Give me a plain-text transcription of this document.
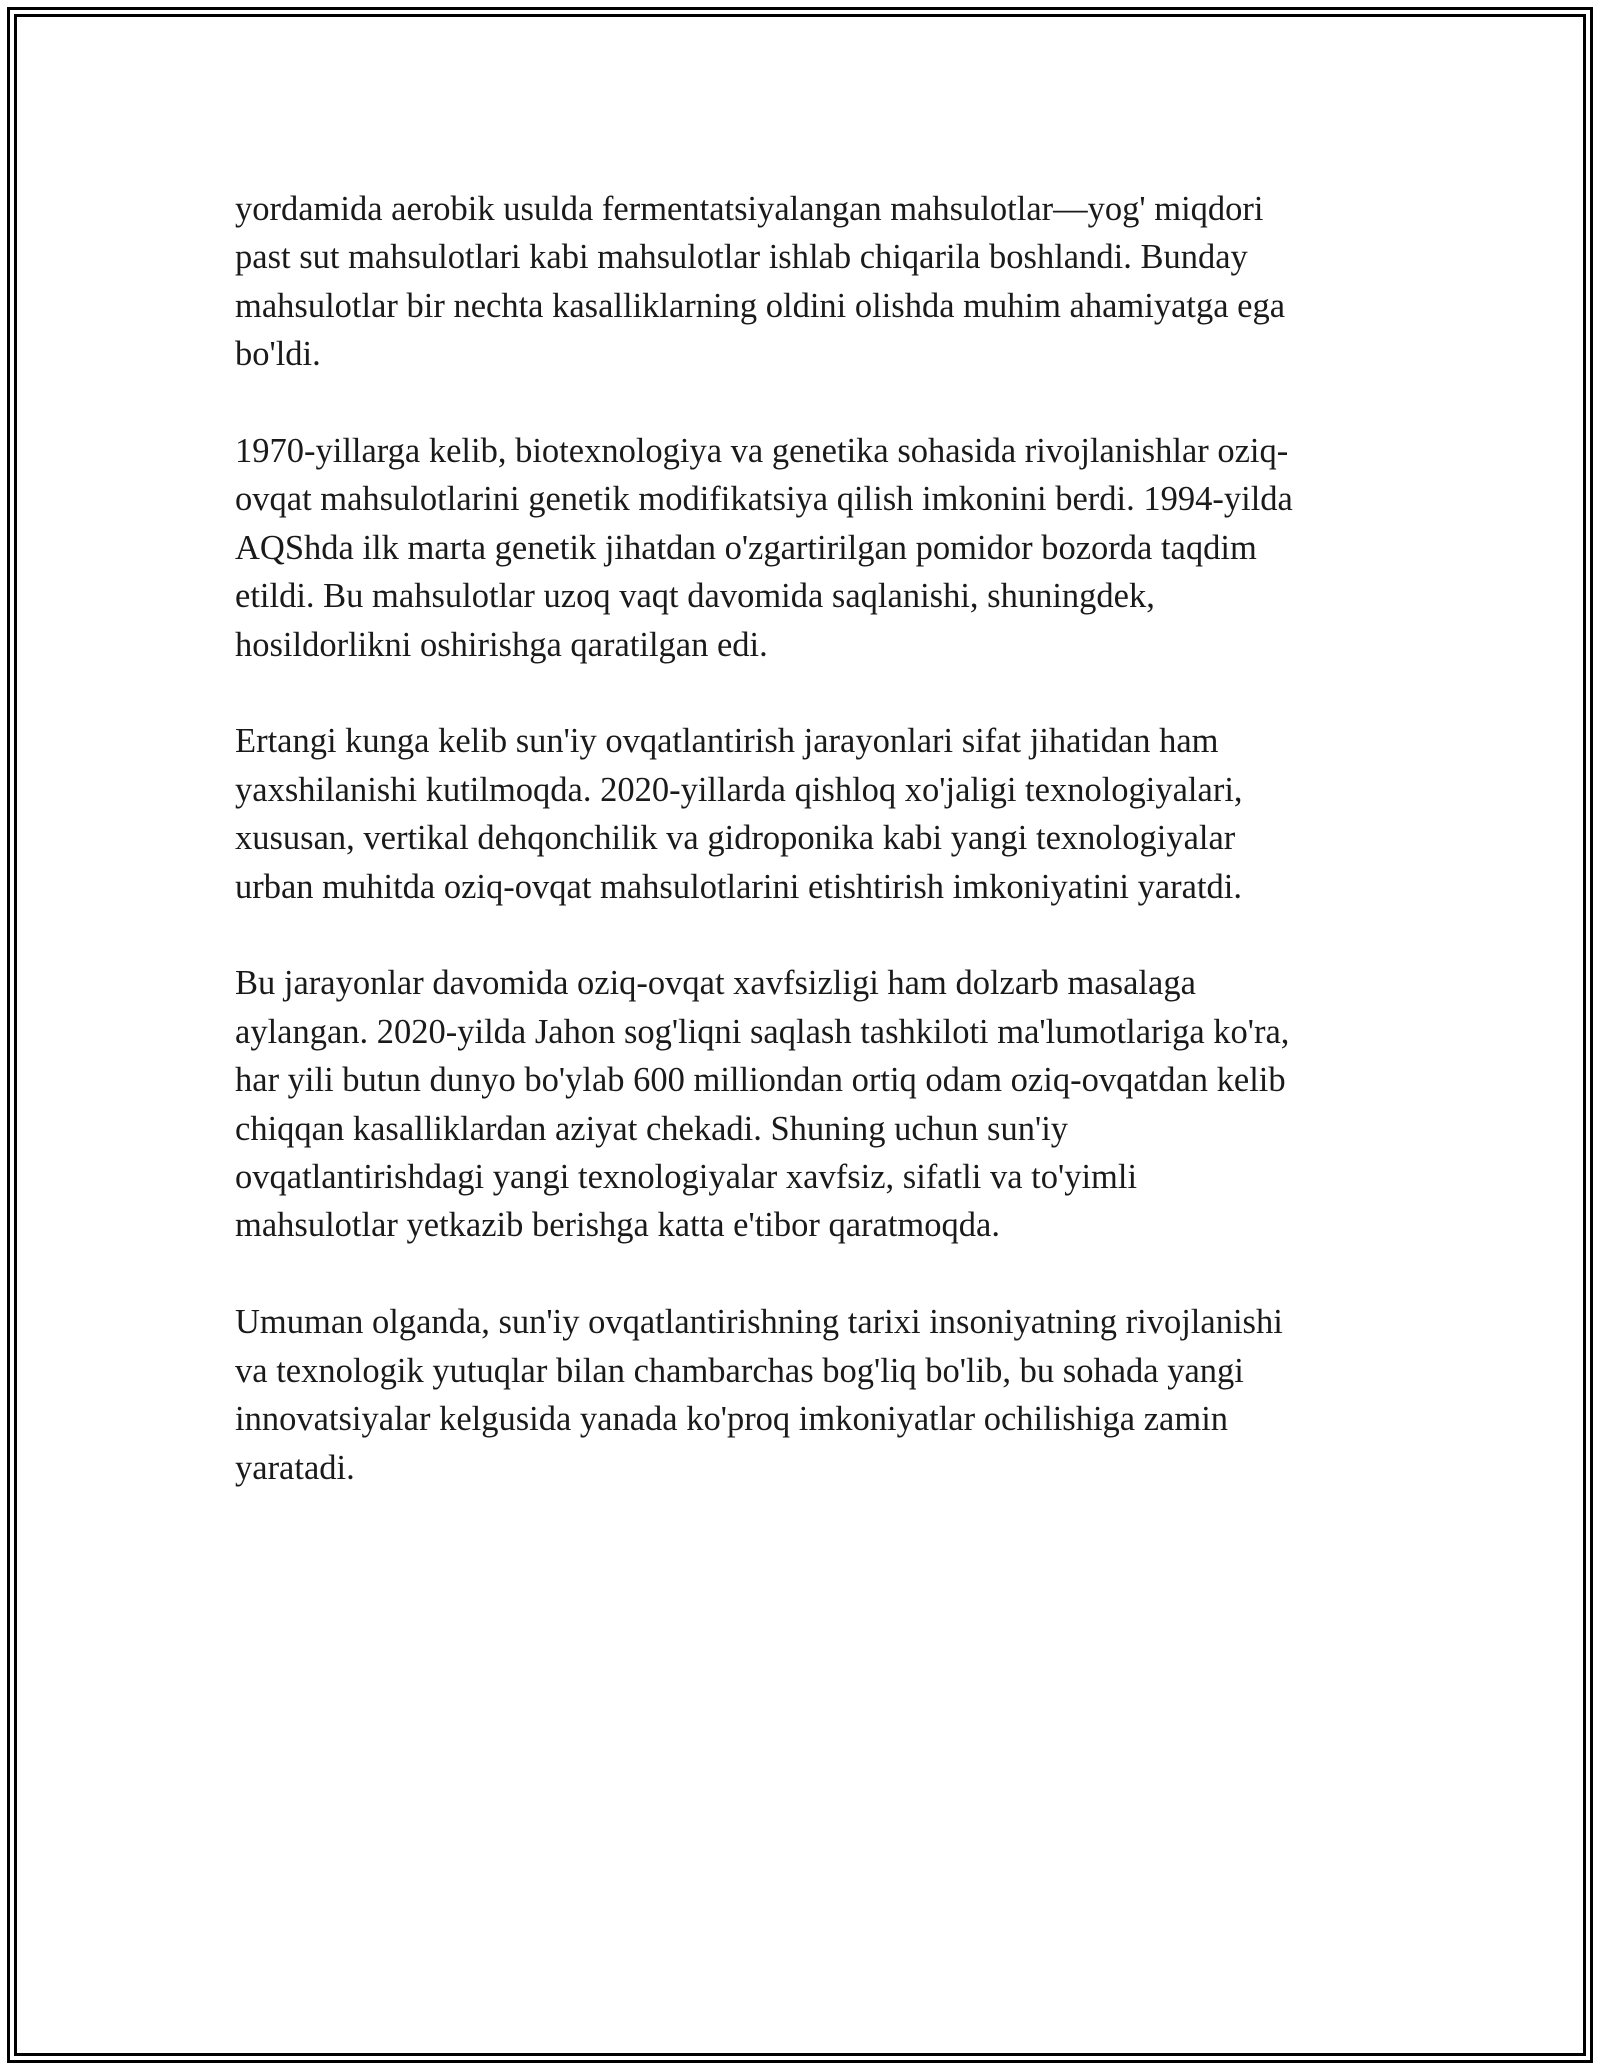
yordamida aerobik usulda fermentatsiyalangan mahsulotlar—yog' miqdori
past sut mahsulotlari kabi mahsulotlar ishlab chiqarila boshlandi. Bunday
mahsulotlar bir nechta kasalliklarning oldini olishda muhim ahamiyatga ega
bo'ldi.

1970-yillarga kelib, biotexnologiya va genetika sohasida rivojlanishlar oziq-
ovqat mahsulotlarini genetik modifikatsiya qilish imkonini berdi. 1994-yilda
AQShda ilk marta genetik jihatdan o'zgartirilgan pomidor bozorda taqdim
etildi. Bu mahsulotlar uzoq vaqt davomida saqlanishi, shuningdek,
hosildorlikni oshirishga qaratilgan edi.

Ertangi kunga kelib sun'iy ovqatlantirish jarayonlari sifat jihatidan ham
yaxshilanishi kutilmoqda. 2020-yillarda qishloq xo'jaligi texnologiyalari,
xususan, vertikal dehqonchilik va gidroponika kabi yangi texnologiyalar
urban muhitda oziq-ovqat mahsulotlarini etishtirish imkoniyatini yaratdi.

Bu jarayonlar davomida oziq-ovqat xavfsizligi ham dolzarb masalaga
aylangan. 2020-yilda Jahon sog'liqni saqlash tashkiloti ma'lumotlariga ko'ra,
har yili butun dunyo bo'ylab 600 milliondan ortiq odam oziq-ovqatdan kelib
chiqqan kasalliklardan aziyat chekadi. Shuning uchun sun'iy
ovqatlantirishdagi yangi texnologiyalar xavfsiz, sifatli va to'yimli
mahsulotlar yetkazib berishga katta e'tibor qaratmoqda.

Umuman olganda, sun'iy ovqatlantirishning tarixi insoniyatning rivojlanishi
va texnologik yutuqlar bilan chambarchas bog'liq bo'lib, bu sohada yangi
innovatsiyalar kelgusida yanada ko'proq imkoniyatlar ochilishiga zamin
yaratadi.
